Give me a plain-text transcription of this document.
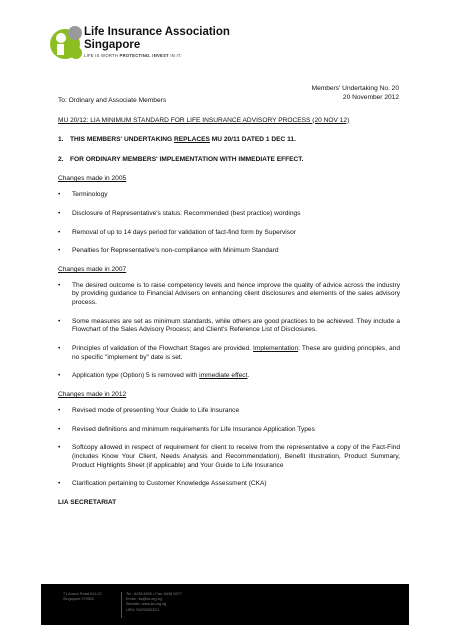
Life Insurance Association
Singapore
LIFE IS WORTH PROTECTING. INVEST IN IT.
Members' Undertaking No. 20
20 November 2012
To: Ordinary and Associate Members
MU 20/12: LIA MINIMUM STANDARD FOR LIFE INSURANCE ADVISORY PROCESS (20 NOV 12)
1. THIS MEMBERS' UNDERTAKING REPLACES MU 20/11 DATED 1 DEC 11.
2. FOR ORDINARY MEMBERS' IMPLEMENTATION WITH IMMEDIATE EFFECT.
Changes made in 2005
• Terminology
• Disclosure of Representative's status: Recommended (best practice) wordings
• Removal of up to 14 days period for validation of fact-find form by Supervisor
• Penalties for Representative's non-compliance with Minimum Standard
Changes made in 2007
• The desired outcome is to raise competency levels and hence improve the quality of advice across the industry by providing guidance to Financial Advisers on enhancing client disclosures and elements of the sales advisory process.
• Some measures are set as minimum standards, while others are good practices to be achieved. They include a Flowchart of the Sales Advisory Process; and Client's Reference List of Disclosures.
• Principles of validation of the Flowchart Stages are provided. Implementation: These are guiding principles, and no specific "implement by" date is set.
• Application type (Option) 5 is removed with immediate effect.
Changes made in 2012
• Revised mode of presenting Your Guide to Life Insurance
• Revised definitions and minimum requirements for Life Insurance Application Types
• Softcopy allowed in respect of requirement for client to receive from the representative a copy of the Fact-Find (includes Know Your Client, Needs Analysis and Recommendation), Benefit Illustration, Product Summary, Product Highlights Sheet (if applicable) and Your Guide to Life Insurance
• Clarification pertaining to Customer Knowledge Assessment (CKA)
LIA SECRETARIAT
71 Anson Road #11-02
Singapore 079902
Tel : 6438 8900 • Fax: 6438 6977
Email : lia@lia.org.sg
Website: www.lia.org.sg
UEN: S62SS0032G
